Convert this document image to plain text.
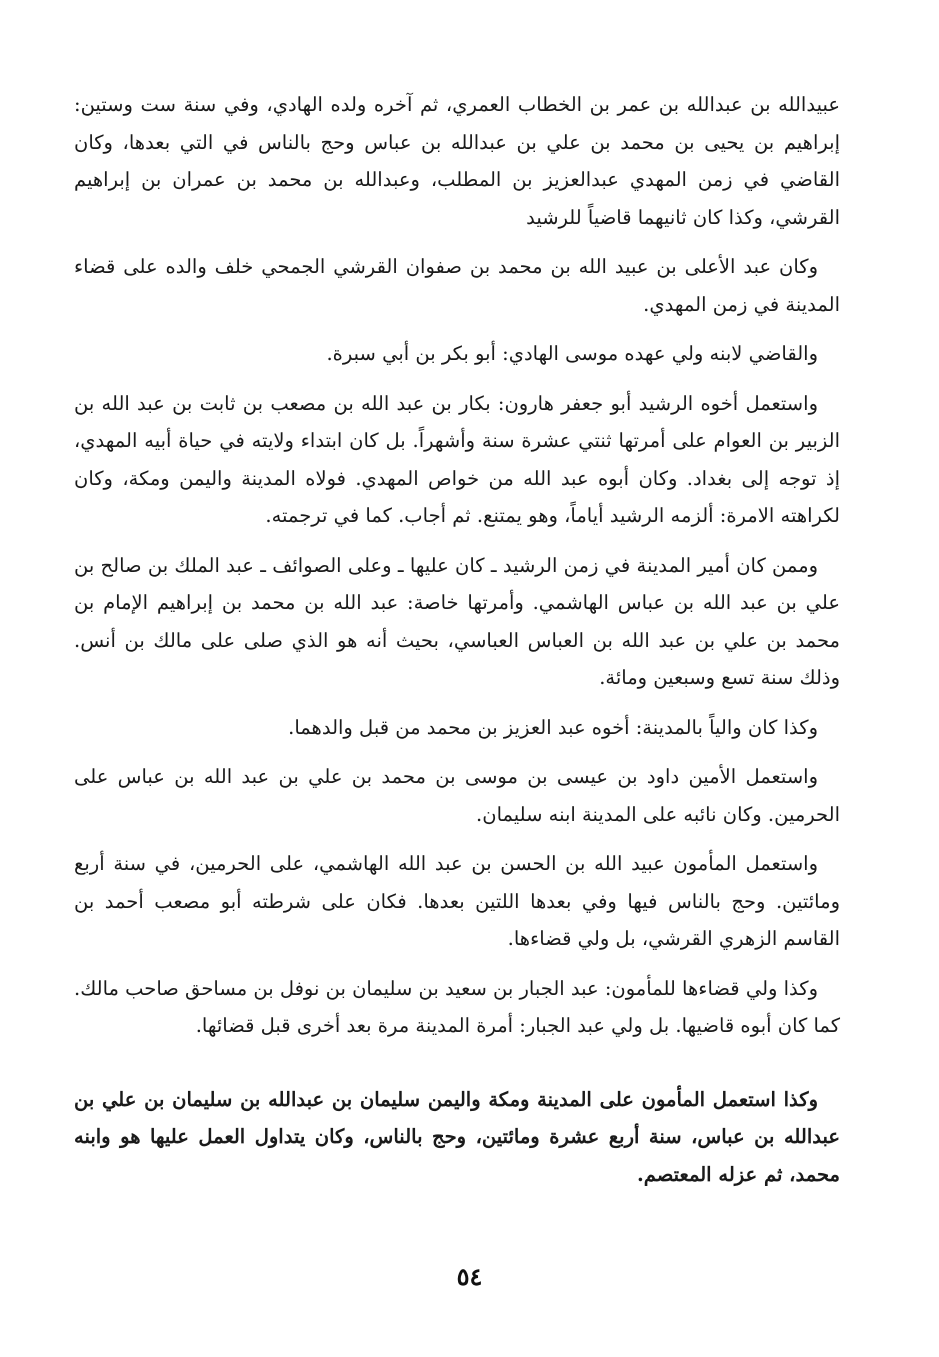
عبيدالله بن عبدالله بن عمر بن الخطاب العمري، ثم آخره ولده الهادي، وفي سنة ست وستين: إبراهيم بن يحيى بن محمد بن علي بن عبدالله بن عباس وحج بالناس في التي بعدها، وكان القاضي في زمن المهدي عبدالعزيز بن المطلب، وعبدالله بن محمد بن عمران بن إبراهيم القرشي، وكذا كان ثانيهما قاضياً للرشيد

وكان عبد الأعلى بن عبيد الله بن محمد بن صفوان القرشي الجمحي خلف والده على قضاء المدينة في زمن المهدي.

والقاضي لابنه ولي عهده موسى الهادي: أبو بكر بن أبي سبرة.

واستعمل أخوه الرشيد أبو جعفر هارون: بكار بن عبد الله بن مصعب بن ثابت بن عبد الله بن الزبير بن العوام على أمرتها ثنتي عشرة سنة وأشهراً. بل كان ابتداء ولايته في حياة أبيه المهدي، إذ توجه إلى بغداد. وكان أبوه عبد الله من خواص المهدي. فولاه المدينة واليمن ومكة، وكان لكراهته الامرة: ألزمه الرشيد أياماً، وهو يمتنع. ثم أجاب. كما في ترجمته.

وممن كان أمير المدينة في زمن الرشيد ـ كان عليها ـ وعلى الصوائف ـ عبد الملك بن صالح بن علي بن عبد الله بن عباس الهاشمي. وأمرتها خاصة: عبد الله بن محمد بن إبراهيم الإمام بن محمد بن علي بن عبد الله بن العباس العباسي، بحيث أنه هو الذي صلى على مالك بن أنس. وذلك سنة تسع وسبعين ومائة.

وكذا كان والياً بالمدينة: أخوه عبد العزيز بن محمد من قبل والدهما.

واستعمل الأمين داود بن عيسى بن موسى بن محمد بن علي بن عبد الله بن عباس على الحرمين. وكان نائبه على المدينة ابنه سليمان.

واستعمل المأمون عبيد الله بن الحسن بن عبد الله الهاشمي، على الحرمين، في سنة أربع ومائتين. وحج بالناس فيها وفي بعدها اللتين بعدها. فكان على شرطته أبو مصعب أحمد بن القاسم الزهري القرشي، بل ولي قضاءها.

وكذا ولي قضاءها للمأمون: عبد الجبار بن سعيد بن سليمان بن نوفل بن مساحق صاحب مالك. كما كان أبوه قاضيها. بل ولي عبد الجبار: أمرة المدينة مرة بعد أخرى قبل قضائها.

وكذا استعمل المأمون على المدينة ومكة واليمن سليمان بن عبدالله بن سليمان بن علي بن عبدالله بن عباس، سنة أربع عشرة ومائتين، وحج بالناس، وكان يتداول العمل عليها هو وابنه محمد، ثم عزله المعتصم.

٥٤
